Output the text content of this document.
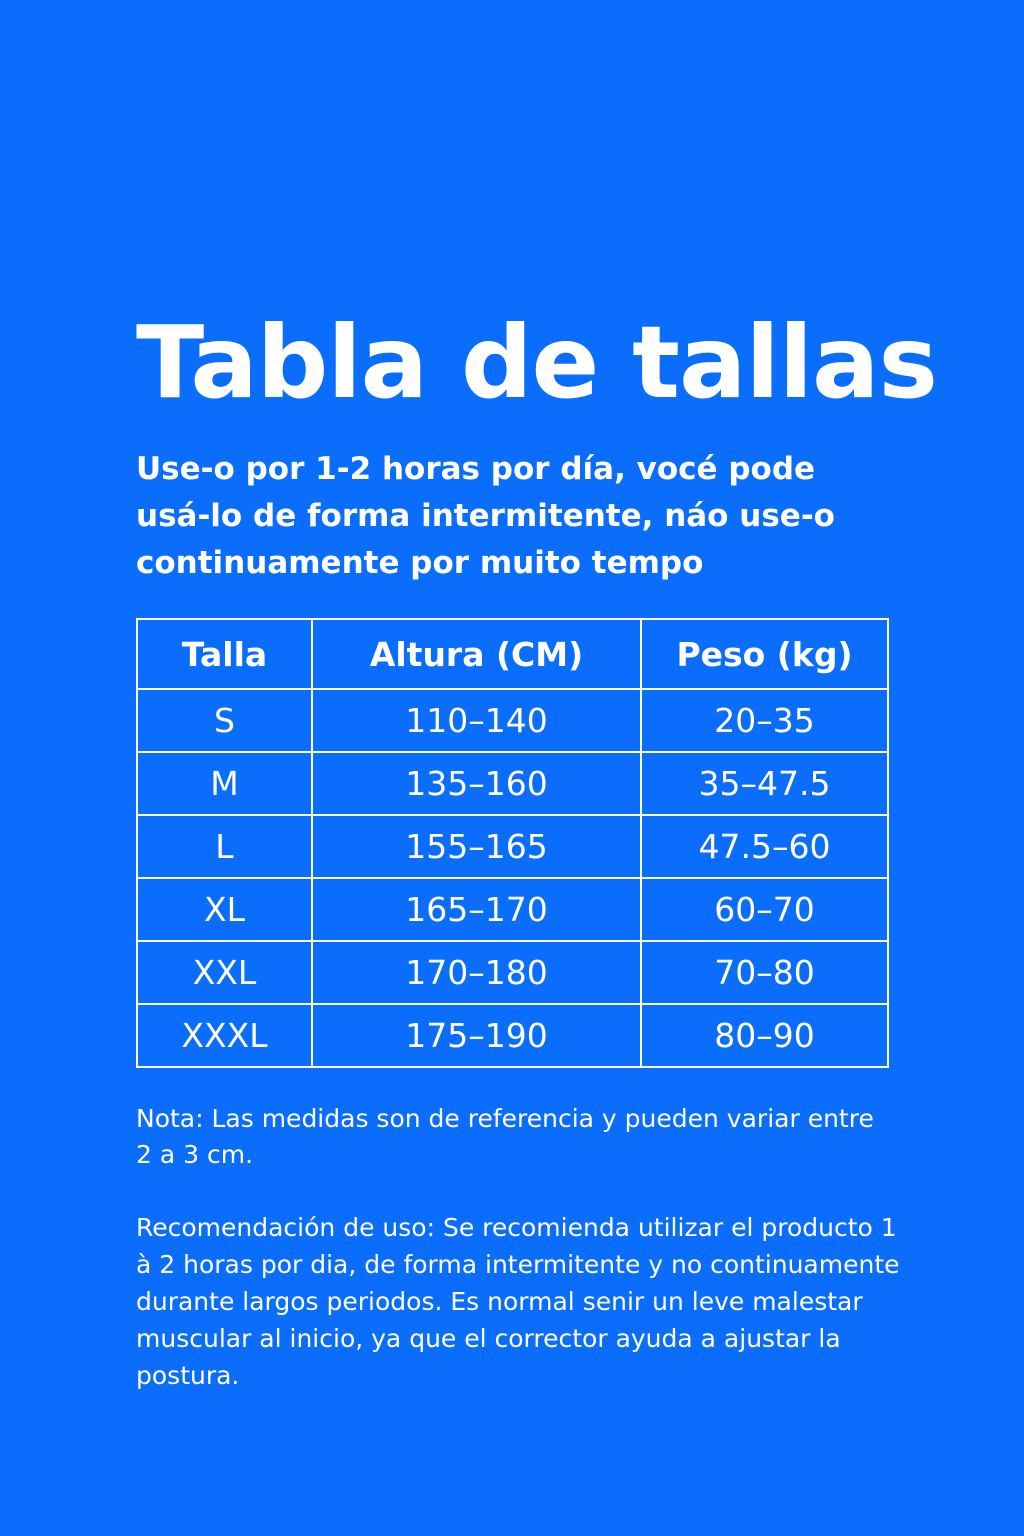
Tabla de tallas

Use-o por 1-2 horas por día, vocé pode usá-lo de forma intermitente, náo use-o continuamente por muito tempo

Talla	Altura (CM)	Peso (kg)
S	110–140	20–35
M	135–160	35–47.5
L	155–165	47.5–60
XL	165–170	60–70
XXL	170–180	70–80
XXXL	175–190	80–90

Nota: Las medidas son de referencia y pueden variar entre 2 a 3 cm.

Recomendación de uso: Se recomienda utilizar el producto 1 à 2 horas por dia, de forma intermitente y no continuamente durante largos periodos. Es normal senir un leve malestar muscular al inicio, ya que el corrector ayuda a ajustar la postura.
